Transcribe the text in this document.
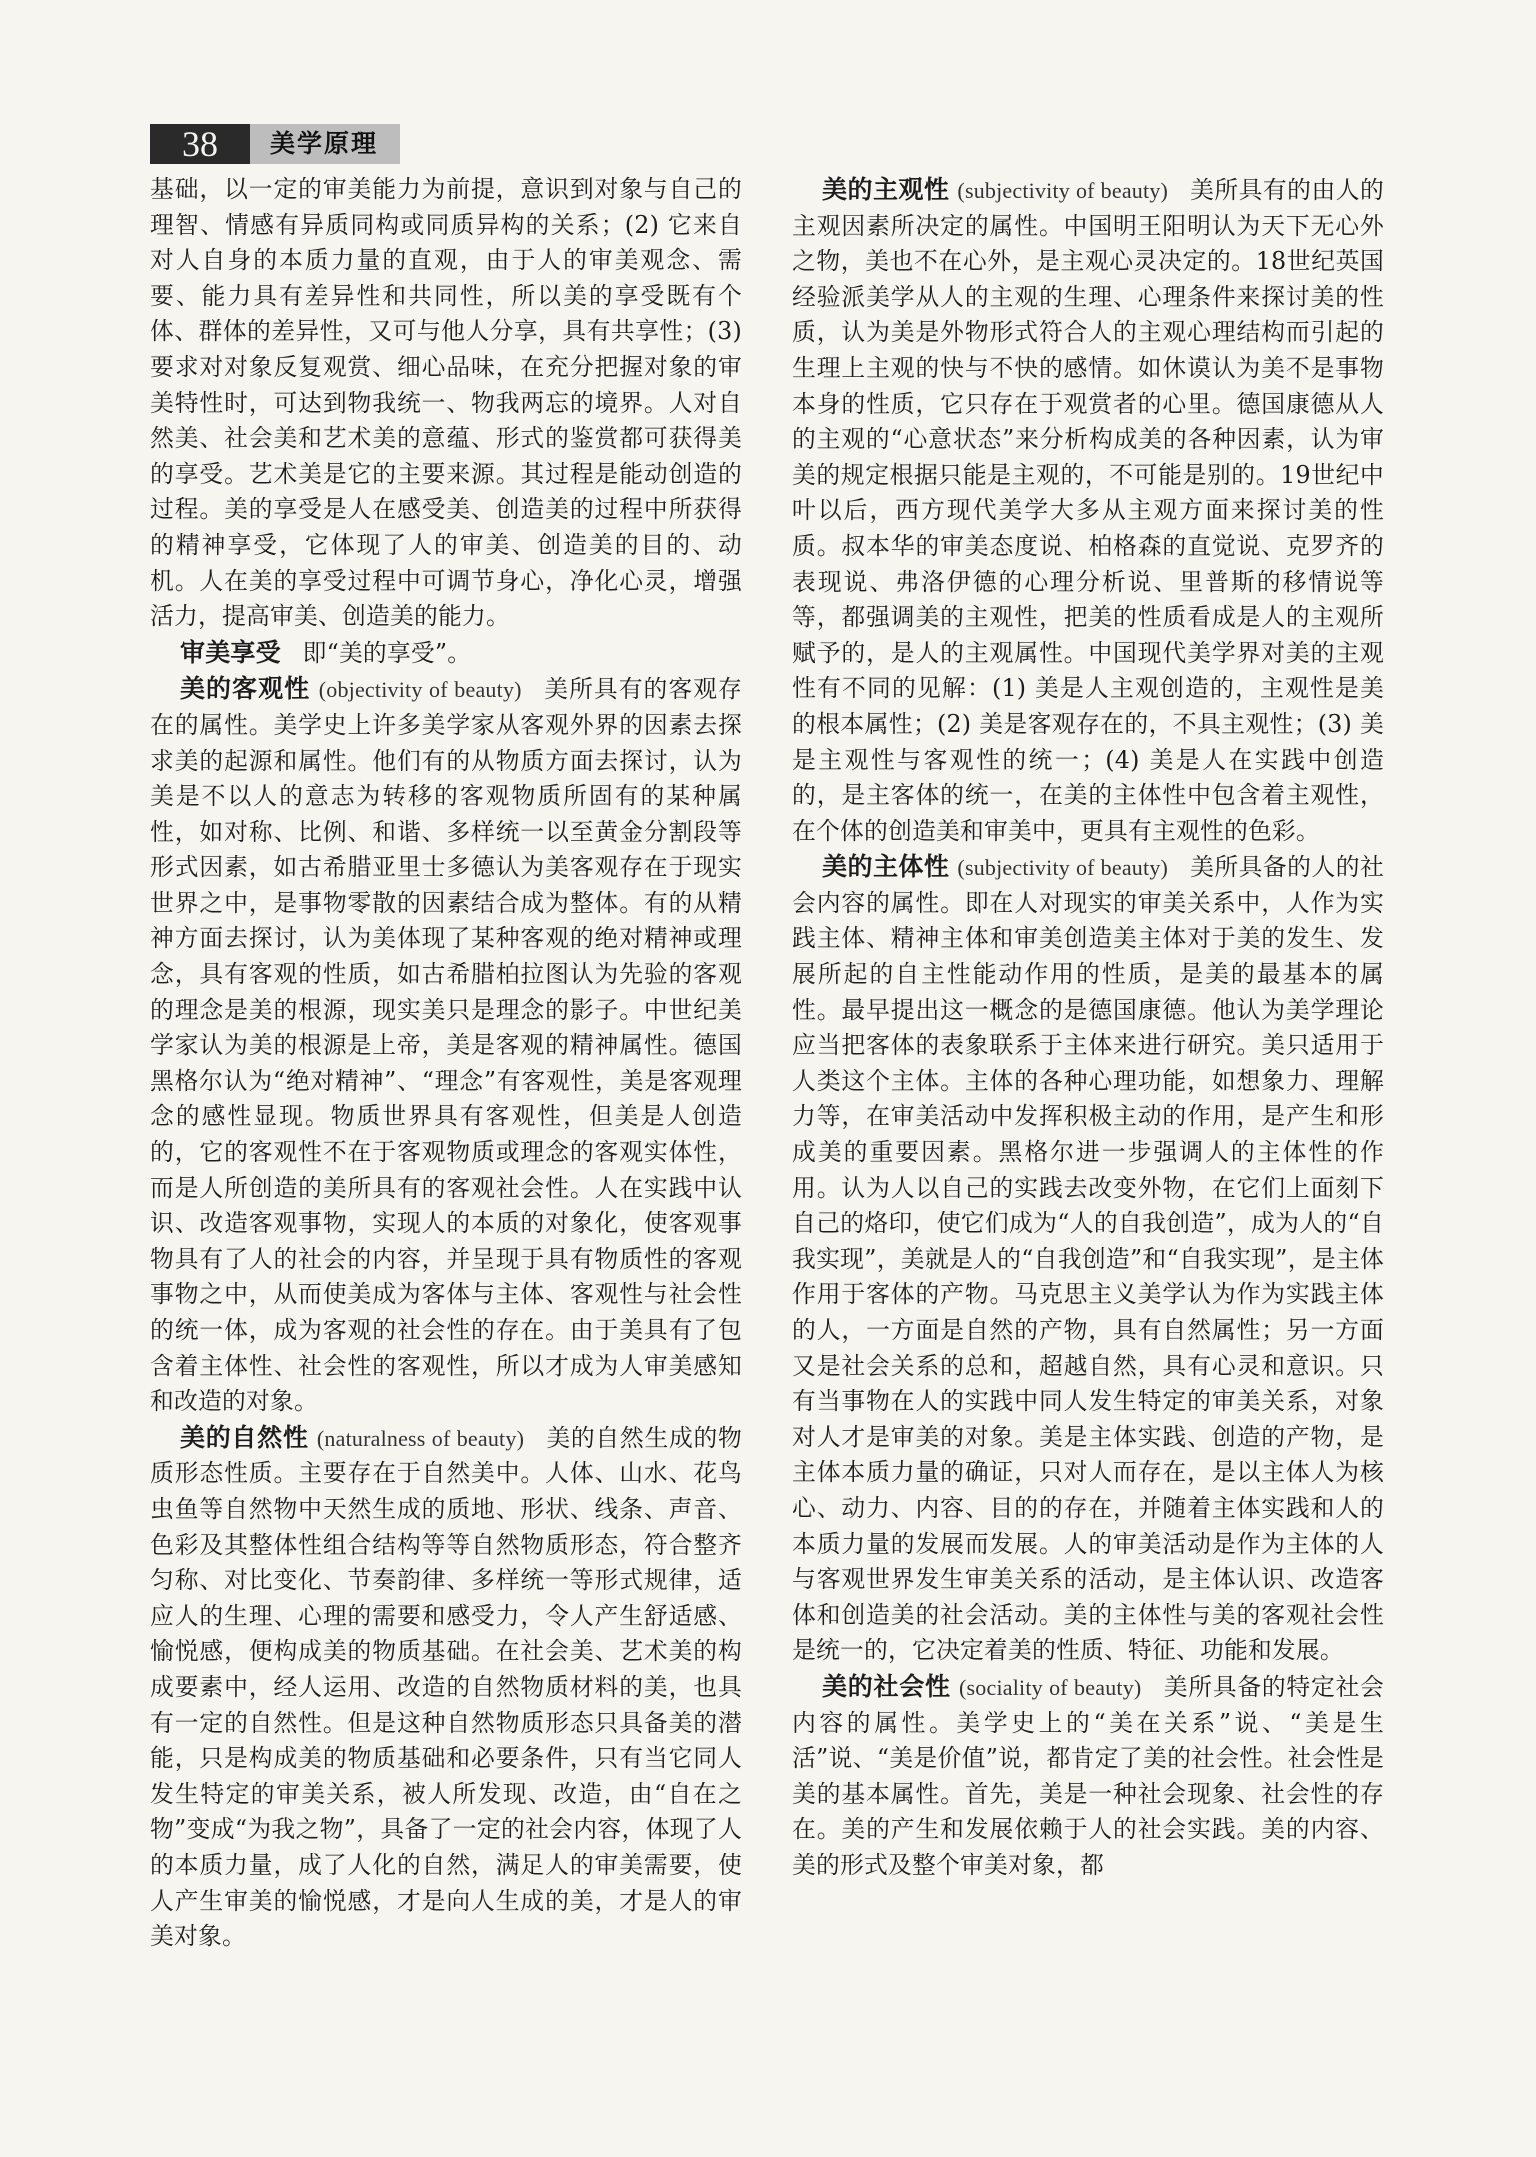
38	美学原理

基础，以一定的审美能力为前提，意识到对象与自己的理智、情感有异质同构或同质异构的关系；(2) 它来自对人自身的本质力量的直观，由于人的审美观念、需要、能力具有差异性和共同性，所以美的享受既有个体、群体的差异性，又可与他人分享，具有共享性；(3) 要求对对象反复观赏、细心品味，在充分把握对象的审美特性时，可达到物我统一、物我两忘的境界。人对自然美、社会美和艺术美的意蕴、形式的鉴赏都可获得美的享受。艺术美是它的主要来源。其过程是能动创造的过程。美的享受是人在感受美、创造美的过程中所获得的精神享受，它体现了人的审美、创造美的目的、动机。人在美的享受过程中可调节身心，净化心灵，增强活力，提高审美、创造美的能力。

审美享受 即“美的享受”。

美的客观性 (objectivity of beauty) 美所具有的客观存在的属性。美学史上许多美学家从客观外界的因素去探求美的起源和属性。他们有的从物质方面去探讨，认为美是不以人的意志为转移的客观物质所固有的某种属性，如对称、比例、和谐、多样统一以至黄金分割段等形式因素，如古希腊亚里士多德认为美客观存在于现实世界之中，是事物零散的因素结合成为整体。有的从精神方面去探讨，认为美体现了某种客观的绝对精神或理念，具有客观的性质，如古希腊柏拉图认为先验的客观的理念是美的根源，现实美只是理念的影子。中世纪美学家认为美的根源是上帝，美是客观的精神属性。德国黑格尔认为“绝对精神”、“理念”有客观性，美是客观理念的感性显现。物质世界具有客观性，但美是人创造的，它的客观性不在于客观物质或理念的客观实体性，而是人所创造的美所具有的客观社会性。人在实践中认识、改造客观事物，实现人的本质的对象化，使客观事物具有了人的社会的内容，并呈现于具有物质性的客观事物之中，从而使美成为客体与主体、客观性与社会性的统一体，成为客观的社会性的存在。由于美具有了包含着主体性、社会性的客观性，所以才成为人审美感知和改造的对象。

美的自然性 (naturalness of beauty) 美的自然生成的物质形态性质。主要存在于自然美中。人体、山水、花鸟虫鱼等自然物中天然生成的质地、形状、线条、声音、色彩及其整体性组合结构等等自然物质形态，符合整齐匀称、对比变化、节奏韵律、多样统一等形式规律，适应人的生理、心理的需要和感受力，令人产生舒适感、愉悦感，便构成美的物质基础。在社会美、艺术美的构成要素中，经人运用、改造的自然物质材料的美，也具有一定的自然性。但是这种自然物质形态只具备美的潜能，只是构成美的物质基础和必要条件，只有当它同人发生特定的审美关系，被人所发现、改造，由“自在之物”变成“为我之物”，具备了一定的社会内容，体现了人的本质力量，成了人化的自然，满足人的审美需要，使人产生审美的愉悦感，才是向人生成的美，才是人的审美对象。

美的主观性 (subjectivity of beauty) 美所具有的由人的主观因素所决定的属性。中国明王阳明认为天下无心外之物，美也不在心外，是主观心灵决定的。18世纪英国经验派美学从人的主观的生理、心理条件来探讨美的性质，认为美是外物形式符合人的主观心理结构而引起的生理上主观的快与不快的感情。如休谟认为美不是事物本身的性质，它只存在于观赏者的心里。德国康德从人的主观的“心意状态”来分析构成美的各种因素，认为审美的规定根据只能是主观的，不可能是别的。19世纪中叶以后，西方现代美学大多从主观方面来探讨美的性质。叔本华的审美态度说、柏格森的直觉说、克罗齐的表现说、弗洛伊德的心理分析说、里普斯的移情说等等，都强调美的主观性，把美的性质看成是人的主观所赋予的，是人的主观属性。中国现代美学界对美的主观性有不同的见解：(1) 美是人主观创造的，主观性是美的根本属性；(2) 美是客观存在的，不具主观性；(3) 美是主观性与客观性的统一；(4) 美是人在实践中创造的，是主客体的统一，在美的主体性中包含着主观性，在个体的创造美和审美中，更具有主观性的色彩。

美的主体性 (subjectivity of beauty) 美所具备的人的社会内容的属性。即在人对现实的审美关系中，人作为实践主体、精神主体和审美创造美主体对于美的发生、发展所起的自主性能动作用的性质，是美的最基本的属性。最早提出这一概念的是德国康德。他认为美学理论应当把客体的表象联系于主体来进行研究。美只适用于人类这个主体。主体的各种心理功能，如想象力、理解力等，在审美活动中发挥积极主动的作用，是产生和形成美的重要因素。黑格尔进一步强调人的主体性的作用。认为人以自己的实践去改变外物，在它们上面刻下自己的烙印，使它们成为“人的自我创造”，成为人的“自我实现”，美就是人的“自我创造”和“自我实现”，是主体作用于客体的产物。马克思主义美学认为作为实践主体的人，一方面是自然的产物，具有自然属性；另一方面又是社会关系的总和，超越自然，具有心灵和意识。只有当事物在人的实践中同人发生特定的审美关系，对象对人才是审美的对象。美是主体实践、创造的产物，是主体本质力量的确证，只对人而存在，是以主体人为核心、动力、内容、目的的存在，并随着主体实践和人的本质力量的发展而发展。人的审美活动是作为主体的人与客观世界发生审美关系的活动，是主体认识、改造客体和创造美的社会活动。美的主体性与美的客观社会性是统一的，它决定着美的性质、特征、功能和发展。

美的社会性 (sociality of beauty) 美所具备的特定社会内容的属性。美学史上的“美在关系”说、“美是生活”说、“美是价值”说，都肯定了美的社会性。社会性是美的基本属性。首先，美是一种社会现象、社会性的存在。美的产生和发展依赖于人的社会实践。美的内容、美的形式及整个审美对象，都
